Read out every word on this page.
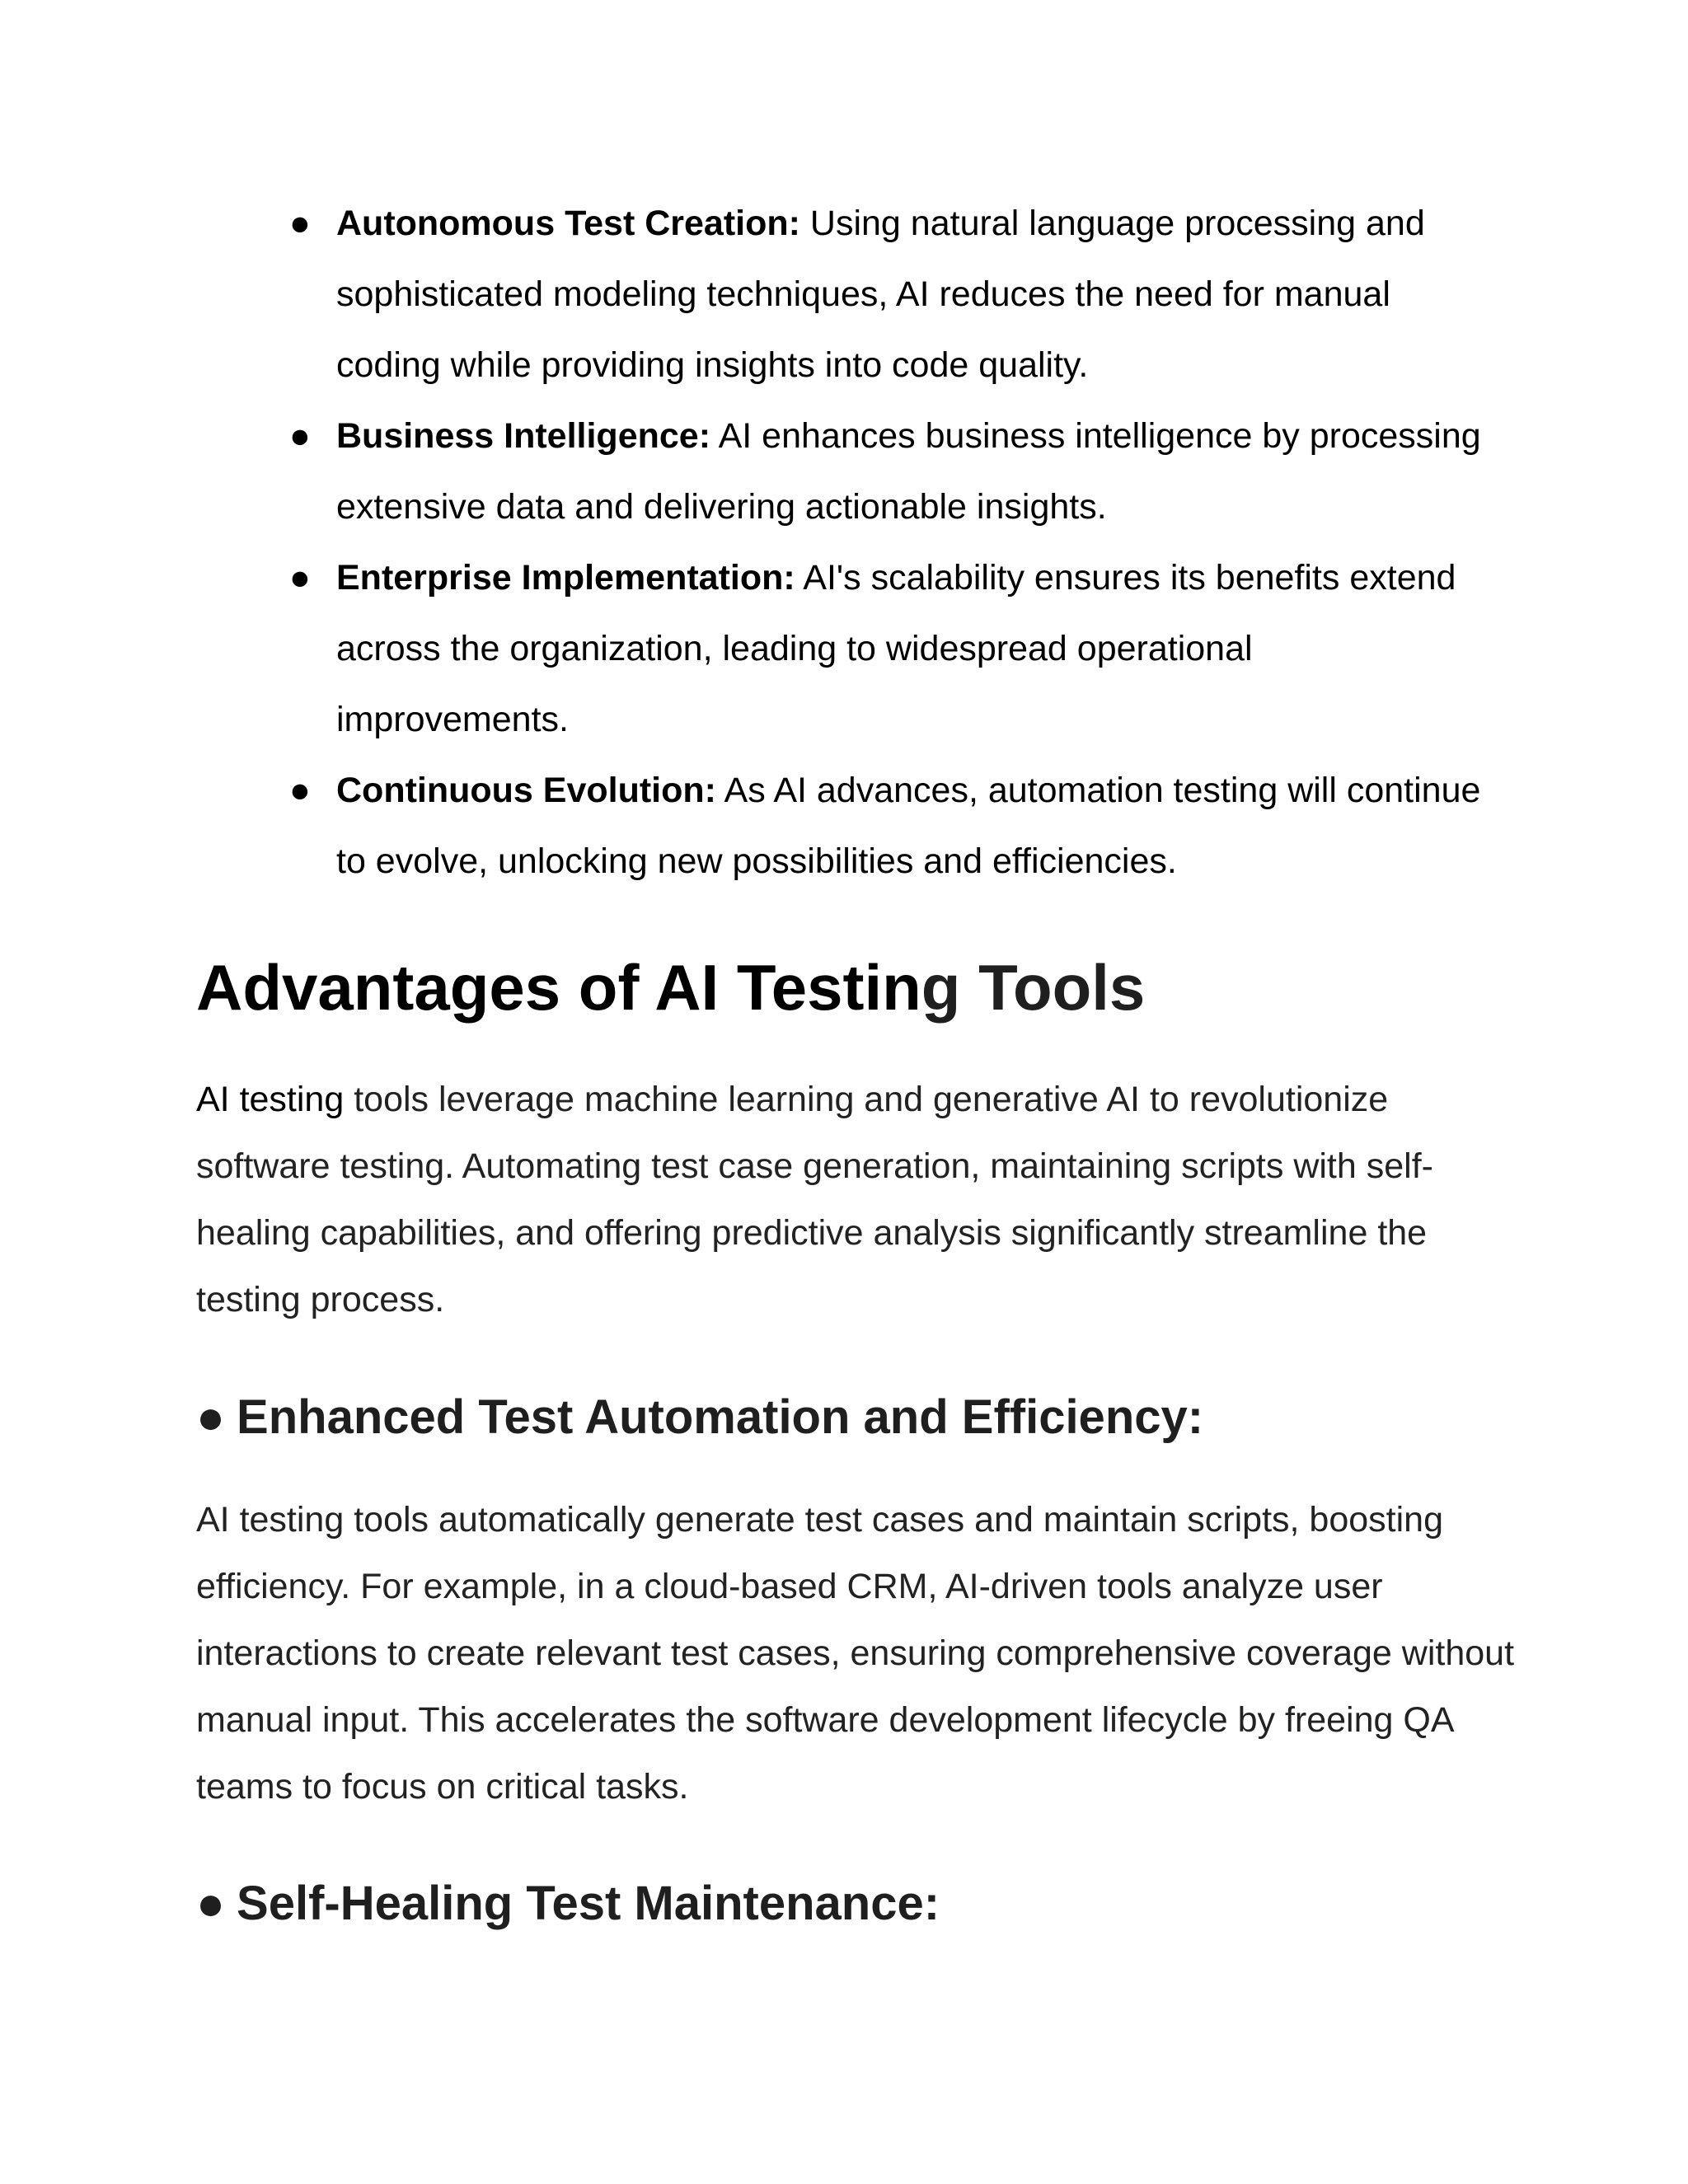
● Autonomous Test Creation: Using natural language processing and sophisticated modeling techniques, AI reduces the need for manual coding while providing insights into code quality.
● Business Intelligence: AI enhances business intelligence by processing extensive data and delivering actionable insights.
● Enterprise Implementation: AI's scalability ensures its benefits extend across the organization, leading to widespread operational improvements.
● Continuous Evolution: As AI advances, automation testing will continue to evolve, unlocking new possibilities and efficiencies.
Advantages of AI Testing Tools

AI testing tools leverage machine learning and generative AI to revolutionize software testing. Automating test case generation, maintaining scripts with self-healing capabilities, and offering predictive analysis significantly streamline the testing process.

● Enhanced Test Automation and Efficiency:

AI testing tools automatically generate test cases and maintain scripts, boosting efficiency. For example, in a cloud-based CRM, AI-driven tools analyze user interactions to create relevant test cases, ensuring comprehensive coverage without manual input. This accelerates the software development lifecycle by freeing QA teams to focus on critical tasks.

● Self-Healing Test Maintenance:
